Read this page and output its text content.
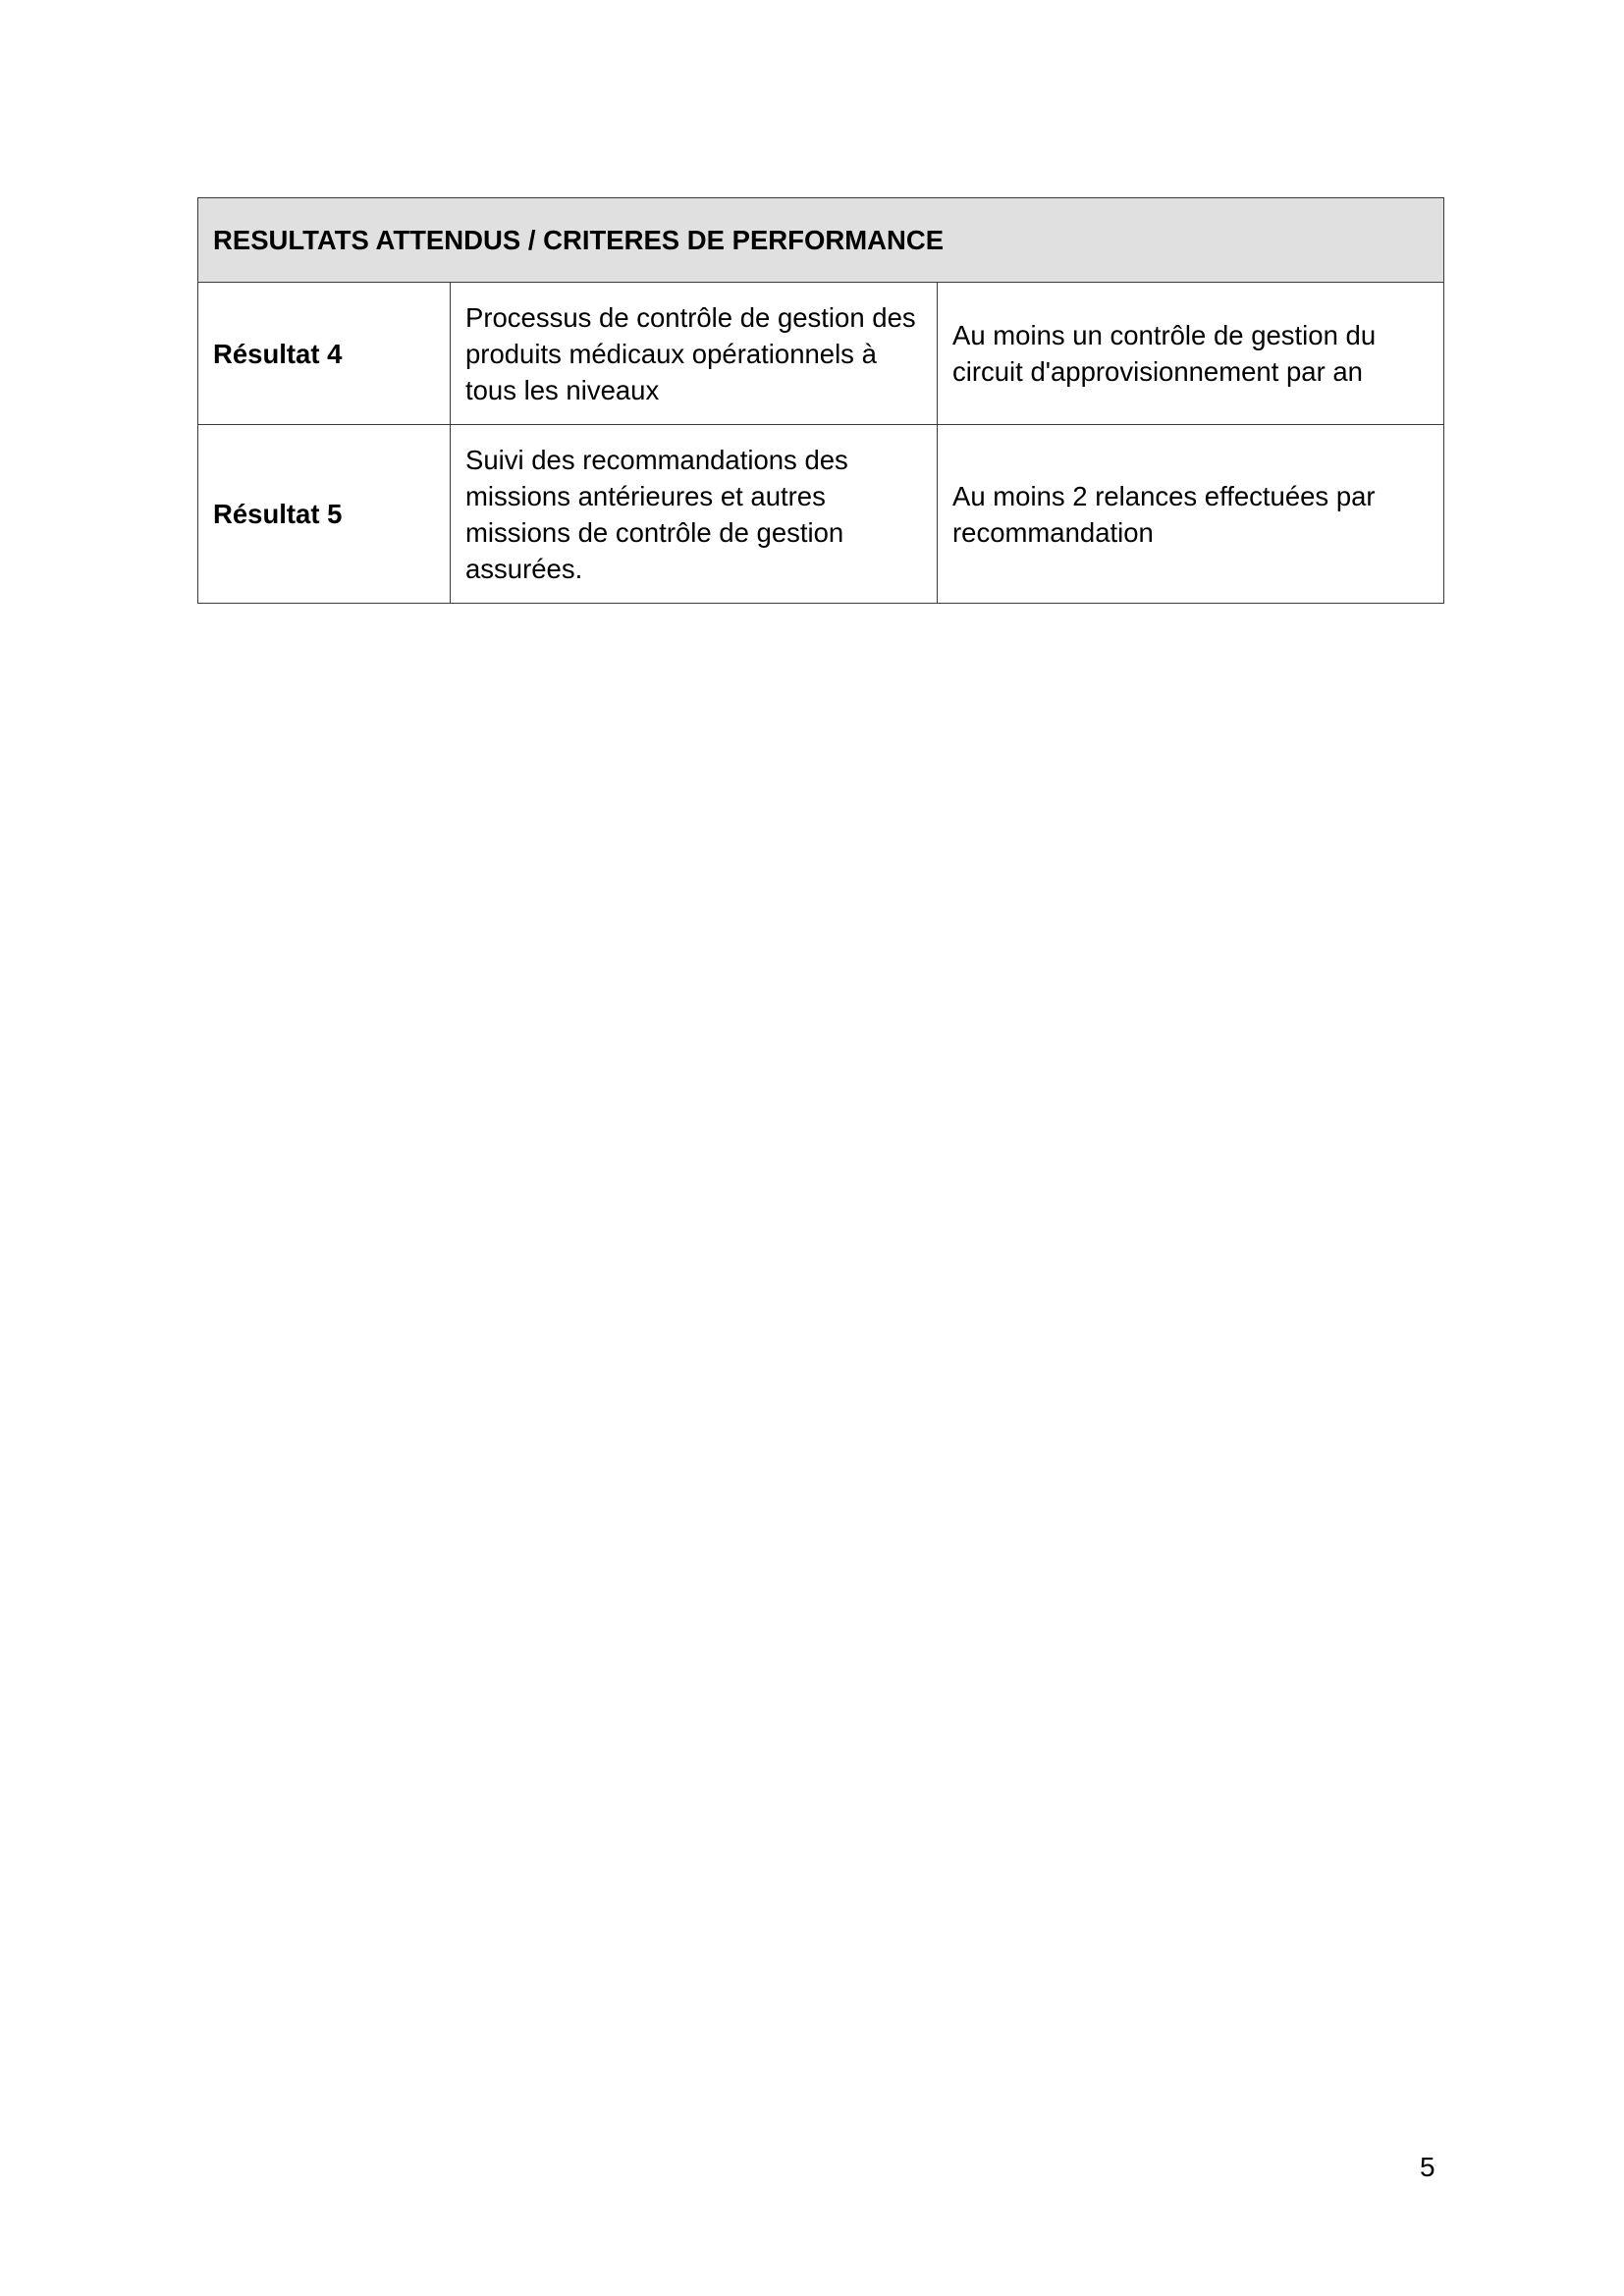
RESULTATS ATTENDUS / CRITERES DE PERFORMANCE		
Résultat 4	Processus de contrôle de gestion des produits médicaux opérationnels à tous les niveaux	Au moins un contrôle de gestion du circuit d'approvisionnement par an
Résultat 5	Suivi des recommandations des missions antérieures et autres missions de contrôle de gestion assurées.	Au moins 2 relances effectuées par recommandation
5
